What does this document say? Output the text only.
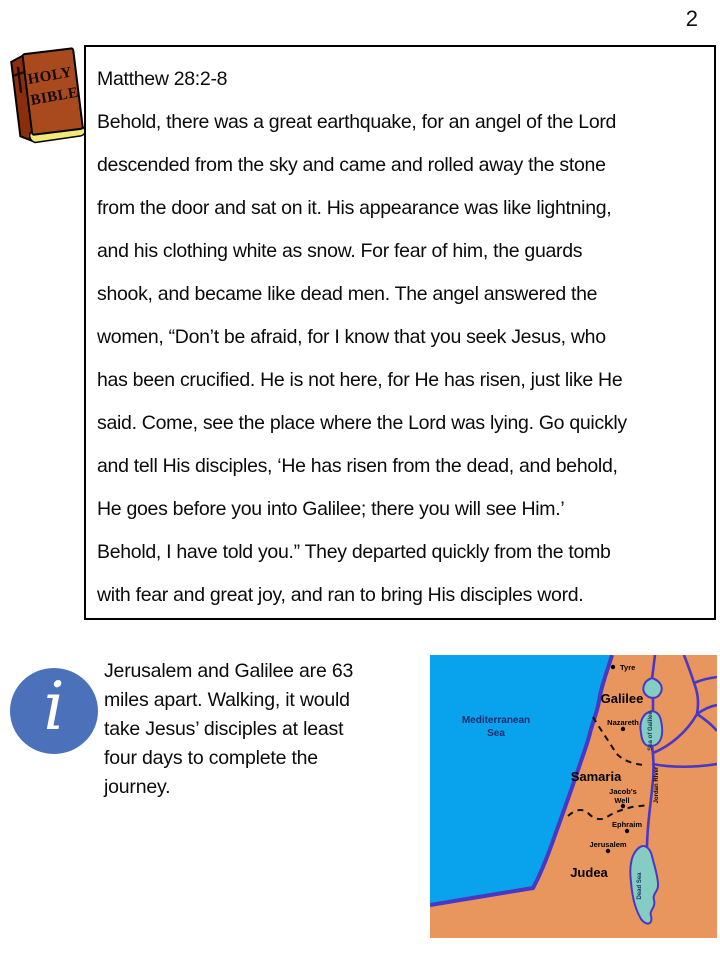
2
HOLY
BIBLE
Matthew 28:2-8
Behold, there was a great earthquake, for an angel of the Lord
descended from the sky and came and rolled away the stone
from the door and sat on it. His appearance was like lightning,
and his clothing white as snow. For fear of him, the guards
shook, and became like dead men. The angel answered the
women, “Don’t be afraid, for I know that you seek Jesus, who
has been crucified. He is not here, for He has risen, just like He
said. Come, see the place where the Lord was lying. Go quickly
and tell His disciples, ‘He has risen from the dead, and behold,
He goes before you into Galilee; there you will see Him.’
Behold, I have told you.” They departed quickly from the tomb
with fear and great joy, and ran to bring His disciples word.
i Jerusalem and Galilee are 63
miles apart. Walking, it would
take Jesus’ disciples at least
four days to complete the
journey.
Mediterranean
Sea
Galilee
Samaria
Judea
Tyre
Nazareth
Jacob's
Well
Ephraim
Jerusalem
Sea of Galilee
Jordan River
Dead Sea
